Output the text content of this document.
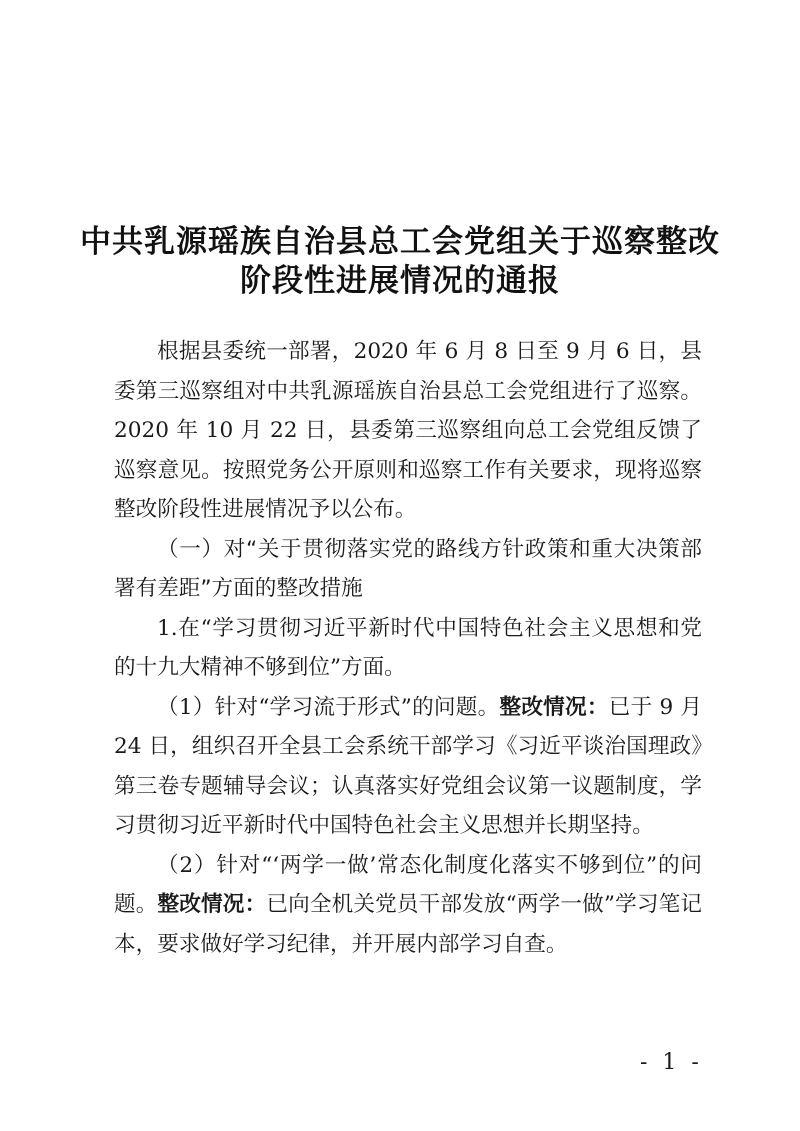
中共乳源瑶族自治县总工会党组关于巡察整改
阶段性进展情况的通报

根据县委统一部署，2020 年 6 月 8 日至 9 月 6 日，县委第三巡察组对中共乳源瑶族自治县总工会党组进行了巡察。2020 年 10 月 22 日，县委第三巡察组向总工会党组反馈了巡察意见。按照党务公开原则和巡察工作有关要求，现将巡察整改阶段性进展情况予以公布。

（一）对“关于贯彻落实党的路线方针政策和重大决策部署有差距”方面的整改措施

1.在“学习贯彻习近平新时代中国特色社会主义思想和党的十九大精神不够到位”方面。

（1）针对“学习流于形式”的问题。整改情况：已于 9 月 24 日，组织召开全县工会系统干部学习《习近平谈治国理政》第三卷专题辅导会议；认真落实好党组会议第一议题制度，学习贯彻习近平新时代中国特色社会主义思想并长期坚持。

（2）针对“‘两学一做’常态化制度化落实不够到位”的问题。整改情况：已向全机关党员干部发放“两学一做”学习笔记本，要求做好学习纪律，并开展内部学习自查。

- 1 -
